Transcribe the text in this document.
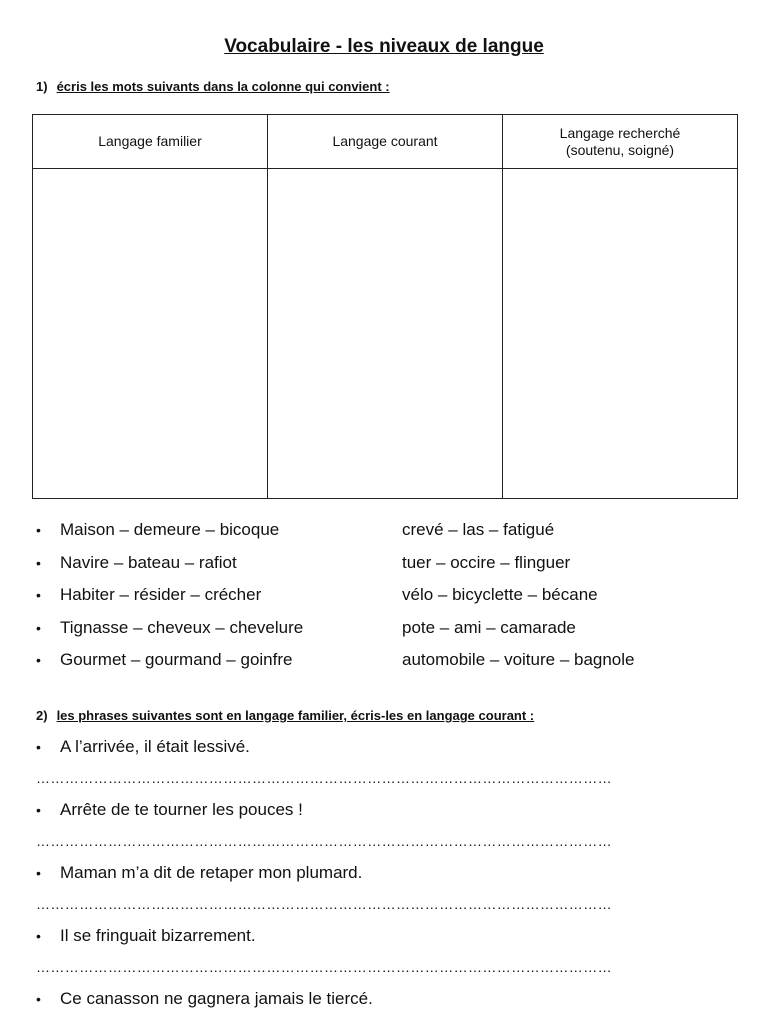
Vocabulaire - les niveaux de langue
1) écris les mots suivants dans la colonne qui convient :
Langage familier	Langage courant	Langage recherché
(soutenu, soigné)

•	Maison – demeure – bicoque	crevé – las – fatigué
•	Navire – bateau – rafiot	tuer – occire – flinguer
•	Habiter – résider – crécher	vélo – bicyclette – bécane
•	Tignasse – cheveux – chevelure	pote – ami – camarade
•	Gourmet – gourmand – goinfre	automobile – voiture – bagnole
2) les phrases suivantes sont en langage familier, écris-les en langage courant :
•	A l’arrivée, il était lessivé.
…………………………………………………………………………………………………………
•	Arrête de te tourner les pouces !
…………………………………………………………………………………………………………
•	Maman m’a dit de retaper mon plumard.
…………………………………………………………………………………………………………
•	Il se fringuait bizarrement.
…………………………………………………………………………………………………………
•	Ce canasson ne gagnera jamais le tiercé.
